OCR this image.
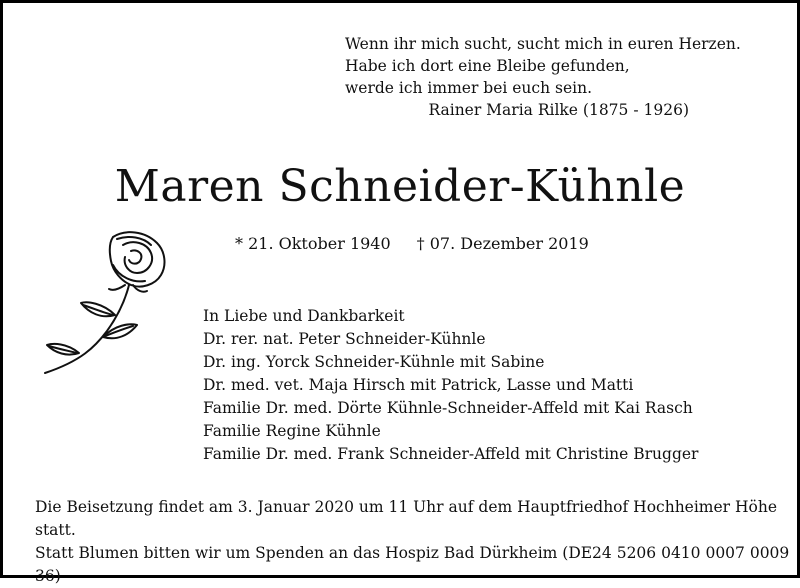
Wenn ihr mich sucht, sucht mich in euren Herzen.
Habe ich dort eine Bleibe gefunden,
werde ich immer bei euch sein.
Rainer Maria Rilke (1875 - 1926)
Maren Schneider-Kühnle
* 21. Oktober 1940 † 07. Dezember 2019
In Liebe und Dankbarkeit
Dr. rer. nat. Peter Schneider-Kühnle
Dr. ing. Yorck Schneider-Kühnle mit Sabine
Dr. med. vet. Maja Hirsch mit Patrick, Lasse und Matti
Familie Dr. med. Dörte Kühnle-Schneider-Affeld mit Kai Rasch
Familie Regine Kühnle
Familie Dr. med. Frank Schneider-Affeld mit Christine Brugger
Die Beisetzung findet am 3. Januar 2020 um 11 Uhr auf dem Hauptfriedhof Hochheimer Höhe statt.
Statt Blumen bitten wir um Spenden an das Hospiz Bad Dürkheim (DE24 5206 0410 0007 0009 36)
